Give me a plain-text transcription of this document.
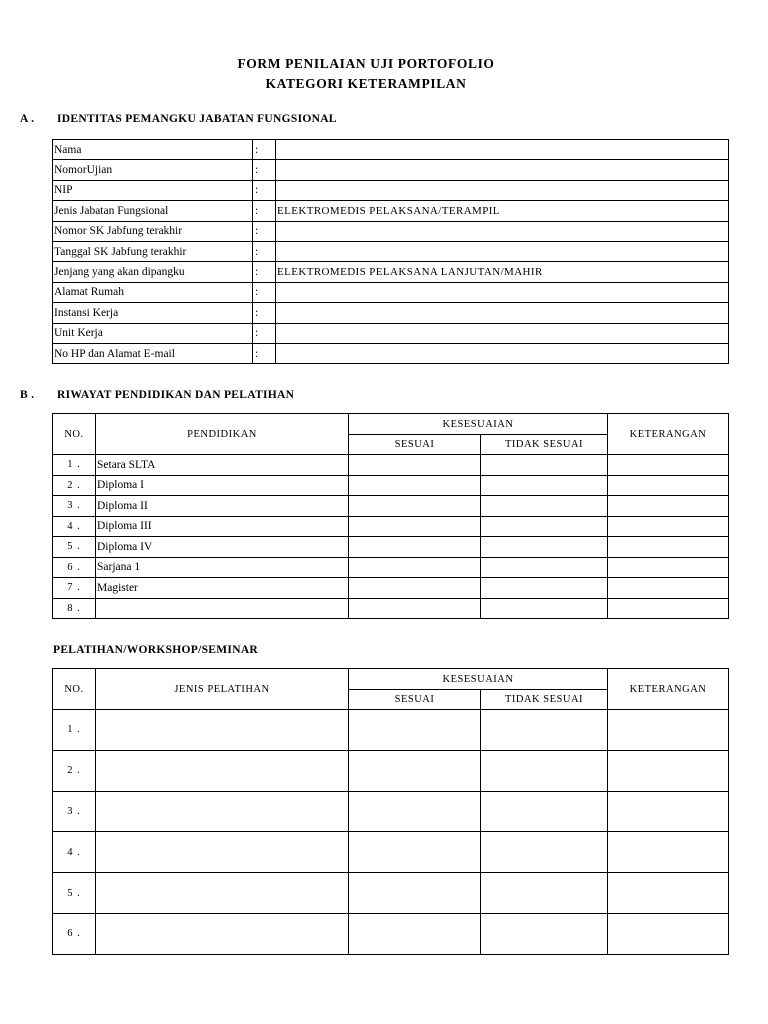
FORM PENILAIAN UJI PORTOFOLIO
KATEGORI KETERAMPILAN
A . IDENTITAS PEMANGKU JABATAN FUNGSIONAL
Nama	:	
NomorUjian	:	
NIP	:	
Jenis Jabatan Fungsional	:	ELEKTROMEDIS PELAKSANA/TERAMPIL
Nomor SK Jabfung terakhir	:	
Tanggal SK Jabfung terakhir	:	
Jenjang yang akan dipangku	:	ELEKTROMEDIS PELAKSANA LANJUTAN/MAHIR
Alamat Rumah	:	
Instansi Kerja	:	
Unit Kerja	:	
No HP dan Alamat E-mail	:	
B . RIWAYAT PENDIDIKAN DAN PELATIHAN
NO.	PENDIDIKAN	KESESUAIAN		KETERANGAN
		SESUAI	TIDAK SESUAI	
1 .	Setara SLTA			
2 .	Diploma I			
3 .	Diploma II			
4 .	Diploma III			
5 .	Diploma IV			
6 .	Sarjana 1			
7 .	Magister			
8 .				
PELATIHAN/WORKSHOP/SEMINAR
NO.	JENIS PELATIHAN	KESESUAIAN		KETERANGAN
		SESUAI	TIDAK SESUAI	
1 .				
2 .				
3 .				
4 .				
5 .				
6 .				
